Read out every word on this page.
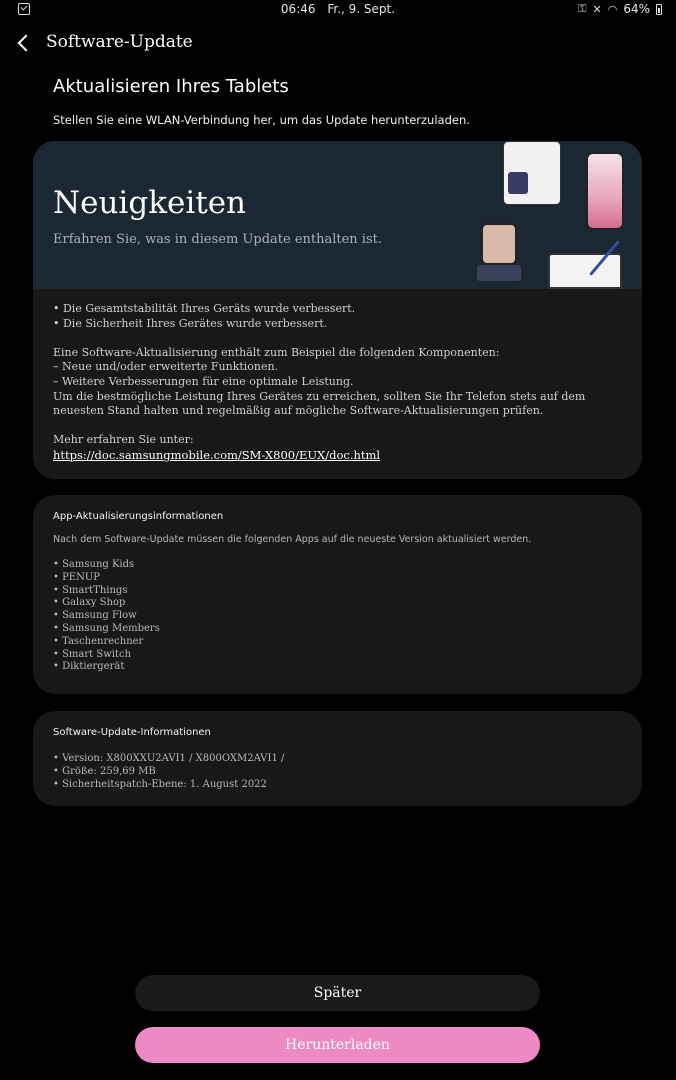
06:46 Fr., 9. Sept.	⚿ ✕ ◠ 64%
Software-Update
Aktualisieren Ihres Tablets
Stellen Sie eine WLAN-Verbindung her, um das Update herunterzuladen.
Neuigkeiten
Erfahren Sie, was in diesem Update enthalten ist.

• Die Gesamtstabilität Ihres Geräts wurde verbessert.
• Die Sicherheit Ihres Gerätes wurde verbessert.

Eine Software-Aktualisierung enthält zum Beispiel die folgenden Komponenten:
– Neue und/oder erweiterte Funktionen.
– Weitere Verbesserungen für eine optimale Leistung.
Um die bestmögliche Leistung Ihres Gerätes zu erreichen, sollten Sie Ihr Telefon stets auf dem neuesten Stand halten und regelmäßig auf mögliche Software-Aktualisierungen prüfen.

Mehr erfahren Sie unter:

https://doc.samsungmobile.com/SM-X800/EUX/doc.html
App-Aktualisierungsinformationen
Nach dem Software-Update müssen die folgenden Apps auf die neueste Version aktualisiert werden.
• Samsung Kids
• PENUP
• SmartThings
• Galaxy Shop
• Samsung Flow
• Samsung Members
• Taschenrechner
• Smart Switch
• Diktiergerät
Software-Update-Informationen
• Version: X800XXU2AVI1 / X800OXM2AVI1 /
• Größe: 259,69 MB
• Sicherheitspatch-Ebene: 1. August 2022
Später
Herunterladen
